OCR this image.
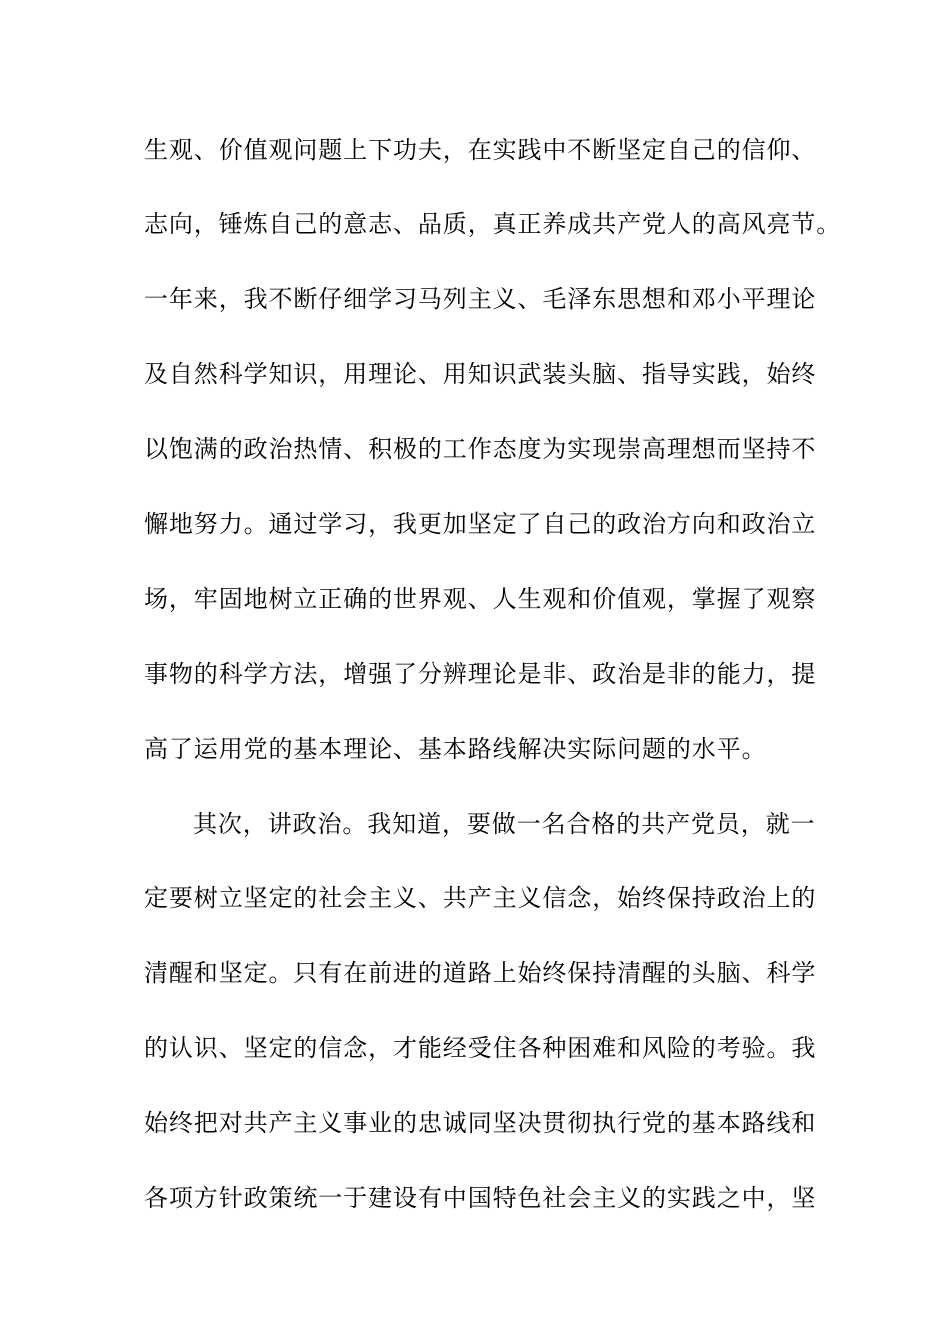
生观、价值观问题上下功夫，在实践中不断坚定自己的信仰、

志向，锤炼自己的意志、品质，真正养成共产党人的高风亮节。

一年来，我不断仔细学习马列主义、毛泽东思想和邓小平理论

及自然科学知识，用理论、用知识武装头脑、指导实践，始终

以饱满的政治热情、积极的工作态度为实现崇高理想而坚持不

懈地努力。通过学习，我更加坚定了自己的政治方向和政治立

场，牢固地树立正确的世界观、人生观和价值观，掌握了观察

事物的科学方法，增强了分辨理论是非、政治是非的能力，提

高了运用党的基本理论、基本路线解决实际问题的水平。

其次，讲政治。我知道，要做一名合格的共产党员，就一

定要树立坚定的社会主义、共产主义信念，始终保持政治上的

清醒和坚定。只有在前进的道路上始终保持清醒的头脑、科学

的认识、坚定的信念，才能经受住各种困难和风险的考验。我

始终把对共产主义事业的忠诚同坚决贯彻执行党的基本路线和

各项方针政策统一于建设有中国特色社会主义的实践之中，坚
